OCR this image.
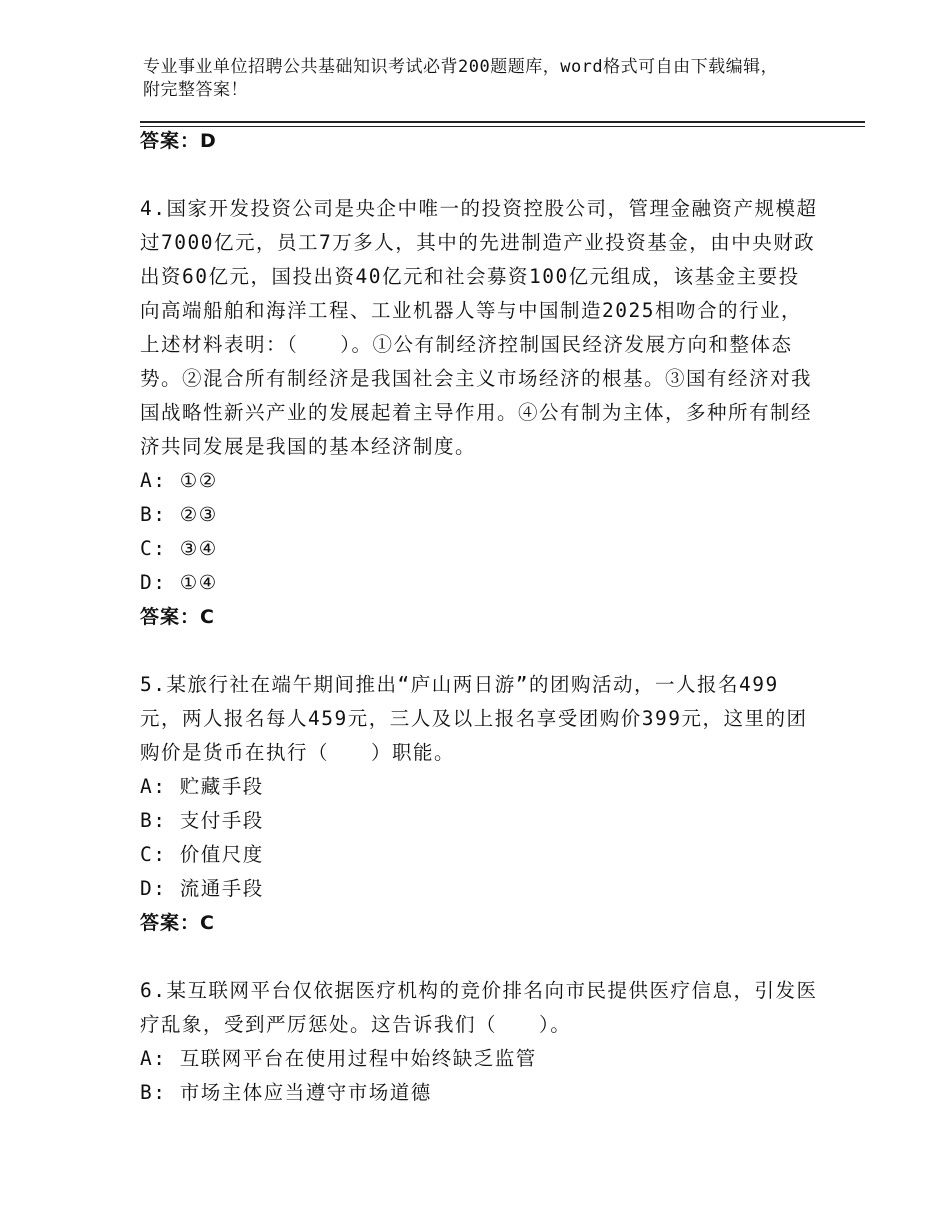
专业事业单位招聘公共基础知识考试必背200题题库，word格式可自由下载编辑，附完整答案！
答案：D
4.国家开发投资公司是央企中唯一的投资控股公司，管理金融资产规模超过7000亿元，员工7万多人，其中的先进制造产业投资基金，由中央财政出资60亿元，国投出资40亿元和社会募资100亿元组成，该基金主要投向高端船舶和海洋工程、工业机器人等与中国制造2025相吻合的行业，上述材料表明：（　　）。①公有制经济控制国民经济发展方向和整体态势。②混合所有制经济是我国社会主义市场经济的根基。③国有经济对我国战略性新兴产业的发展起着主导作用。④公有制为主体，多种所有制经济共同发展是我国的基本经济制度。
A: ①②
B: ②③
C: ③④
D: ①④
答案：C
5.某旅行社在端午期间推出“庐山两日游”的团购活动，一人报名499元，两人报名每人459元，三人及以上报名享受团购价399元，这里的团购价是货币在执行（　　）职能。
A: 贮藏手段
B: 支付手段
C: 价值尺度
D: 流通手段
答案：C
6.某互联网平台仅依据医疗机构的竞价排名向市民提供医疗信息，引发医疗乱象，受到严厉惩处。这告诉我们（　　）。
A: 互联网平台在使用过程中始终缺乏监管
B: 市场主体应当遵守市场道德
